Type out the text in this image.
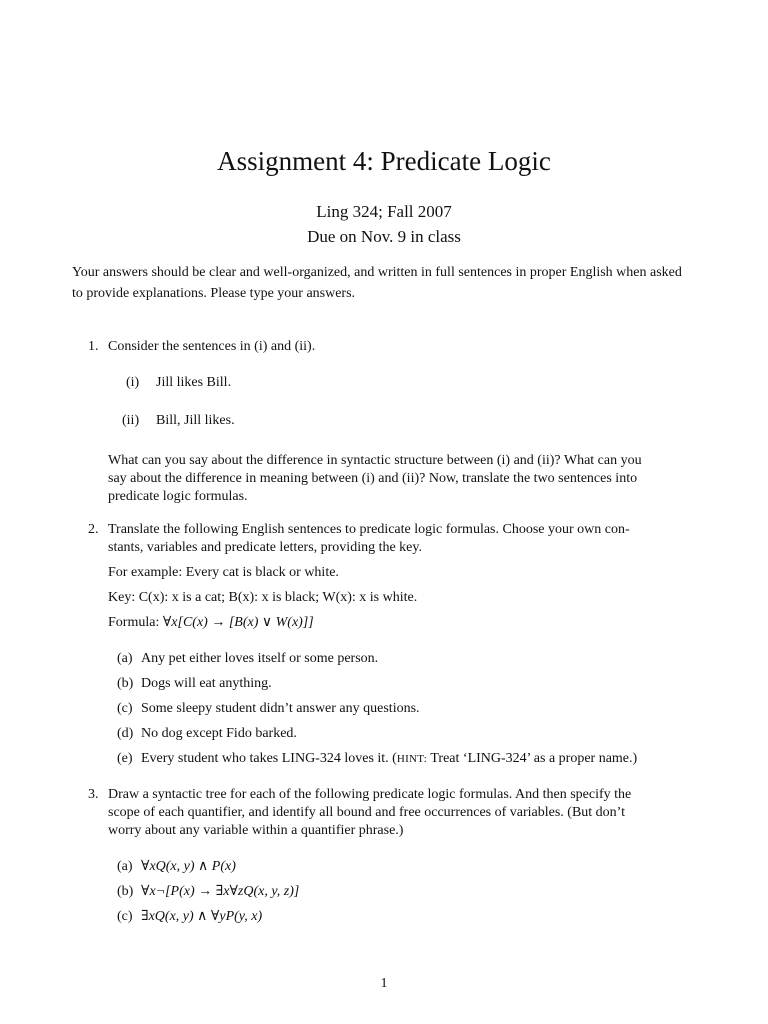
Assignment 4: Predicate Logic
Ling 324; Fall 2007
Due on Nov. 9 in class
Your answers should be clear and well-organized, and written in full sentences in proper English when asked to provide explanations. Please type your answers.
1. Consider the sentences in (i) and (ii).
(i) Jill likes Bill.
(ii) Bill, Jill likes.
What can you say about the difference in syntactic structure between (i) and (ii)? What can you
say about the difference in meaning between (i) and (ii)? Now, translate the two sentences into
predicate logic formulas.
2. Translate the following English sentences to predicate logic formulas. Choose your own con-
stants, variables and predicate letters, providing the key.
For example: Every cat is black or white.
Key: C(x): x is a cat; B(x): x is black; W(x): x is white.
Formula: ∀x[C(x) → [B(x) ∨ W(x)]]
(a) Any pet either loves itself or some person.
(b) Dogs will eat anything.
(c) Some sleepy student didn’t answer any questions.
(d) No dog except Fido barked.
(e) Every student who takes LING-324 loves it. (HINT: Treat ‘LING-324’ as a proper name.)
3. Draw a syntactic tree for each of the following predicate logic formulas. And then specify the
scope of each quantifier, and identify all bound and free occurrences of variables. (But don’t
worry about any variable within a quantifier phrase.)
(a) ∀xQ(x, y) ∧ P(x)
(b) ∀x¬[P(x) → ∃x∀zQ(x, y, z)]
(c) ∃xQ(x, y) ∧ ∀yP(y, x)
1
